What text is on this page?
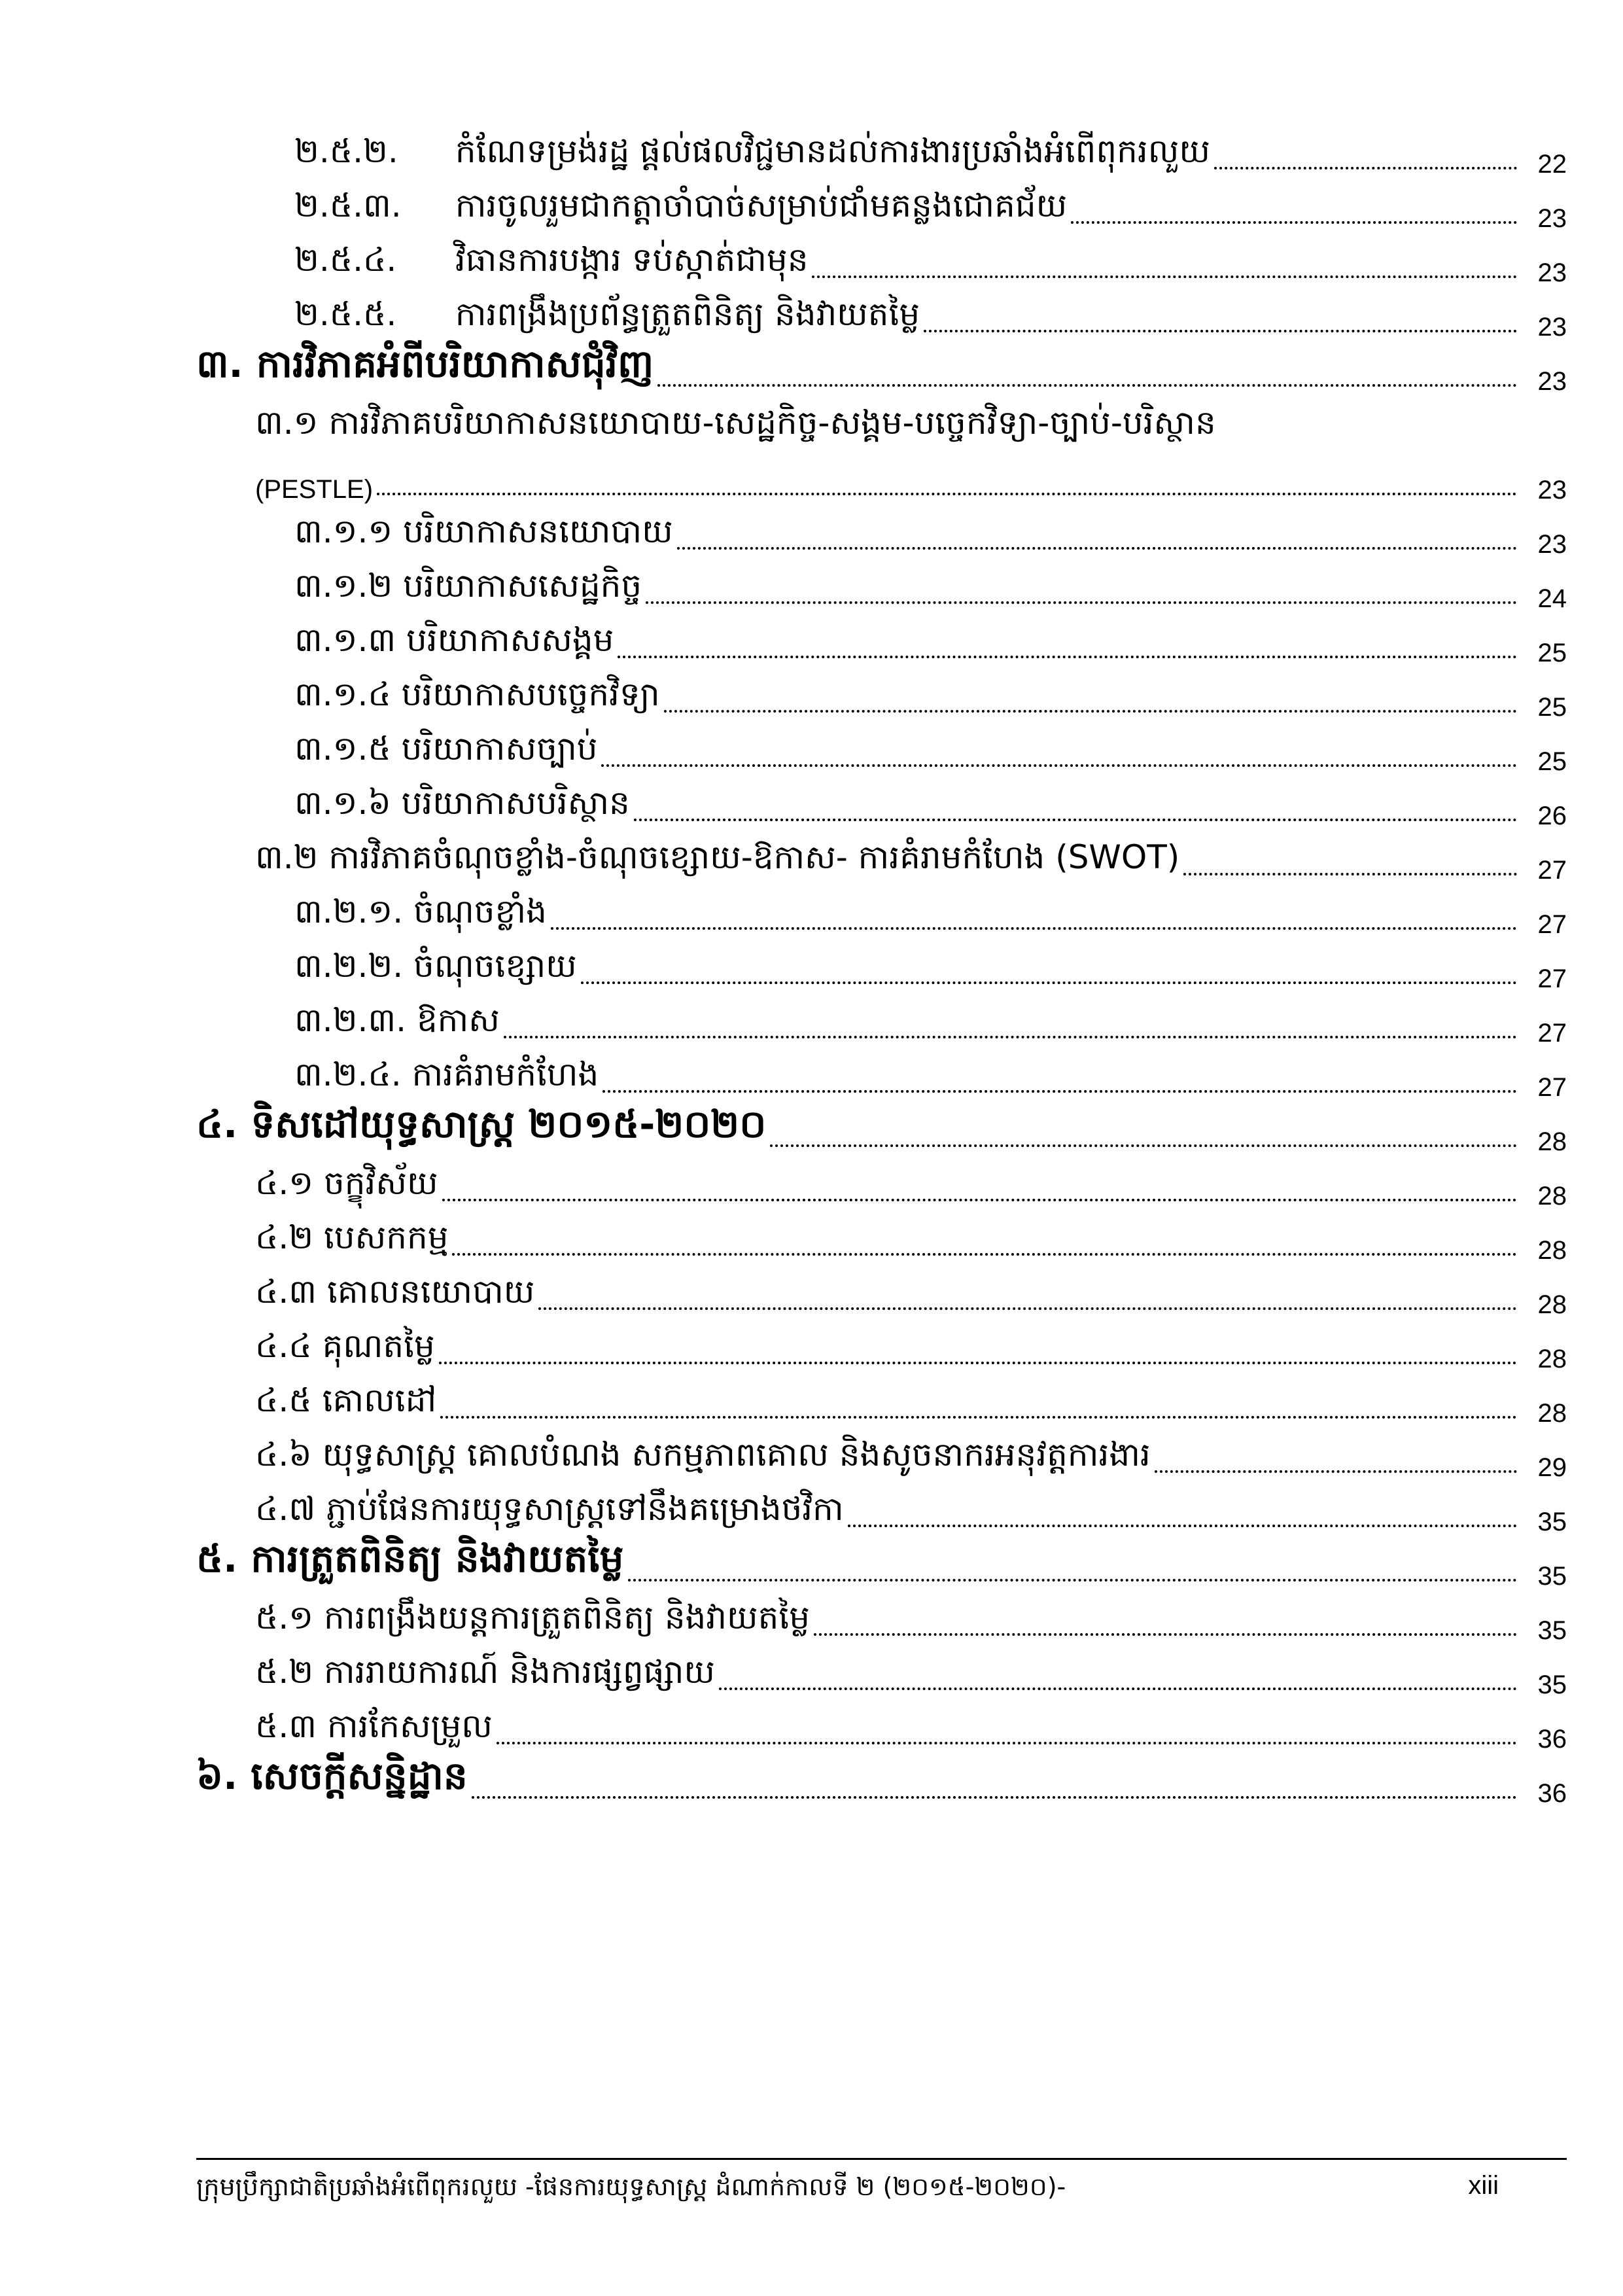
២.៥.២. កំណែទម្រង់រដ្ឋ ផ្តល់ផលវិជ្ជមានដល់ការងារប្រឆាំងអំពើពុករលួយ	22
២.៥.៣. ការចូលរួមជាកត្តាចាំបាច់សម្រាប់ជាំមគន្លងជោគជ័យ	23
២.៥.៤. វិធានការបង្ការ ទប់ស្កាត់ជាមុន	23
២.៥.៥. ការពង្រឹងប្រព័ន្ធត្រួតពិនិត្យ និងវាយតម្លៃ	23
៣. ការវិភាគអំពីបរិយាកាសជុំវិញ	23
៣.១ ការវិភាគបរិយាកាសនយោបាយ-សេដ្ឋកិច្ច-សង្គម-បច្ចេកវិទ្យា-ច្បាប់-បរិស្ថាន
(PESTLE)	23
៣.១.១ បរិយាកាសនយោបាយ	23
៣.១.២ បរិយាកាសសេដ្ឋកិច្ច	24
៣.១.៣ បរិយាកាសសង្គម	25
៣.១.៤ បរិយាកាសបច្ចេកវិទ្យា	25
៣.១.៥ បរិយាកាសច្បាប់	25
៣.១.៦ បរិយាកាសបរិស្ថាន	26
៣.២ ការវិភាគចំណុចខ្លាំង-ចំណុចខ្សោយ-ឱកាស- ការគំរាមកំហែង (SWOT)	27
៣.២.១. ចំណុចខ្លាំង	27
៣.២.២. ចំណុចខ្សោយ	27
៣.២.៣. ឱកាស	27
៣.២.៤. ការគំរាមកំហែង	27
៤. ទិសដៅយុទ្ធសាស្ត្រ ២០១៥-២០២០	28
៤.១ ចក្ខុវិស័យ	28
៤.២ បេសកកម្ម	28
៤.៣ គោលនយោបាយ	28
៤.៤ គុណតម្លៃ	28
៤.៥ គោលដៅ	28
៤.៦ យុទ្ធសាស្ត្រ គោលបំណង សកម្មភាពគោល និងសូចនាករអនុវត្តការងារ	29
៤.៧ ភ្ជាប់ផែនការយុទ្ធសាស្ត្រទៅនឹងគម្រោងថវិកា	35
៥. ការត្រួតពិនិត្យ និងវាយតម្លៃ	35
៥.១ ការពង្រឹងយន្តការត្រួតពិនិត្យ និងវាយតម្លៃ	35
៥.២ ការរាយការណ៍ និងការផ្សព្វផ្សាយ	35
៥.៣ ការកែសម្រួល	36
៦. សេចក្តីសន្និដ្ឋាន	36
ក្រុមប្រឹក្សាជាតិប្រឆាំងអំពើពុករលួយ -ផែនការយុទ្ធសាស្ត្រ ដំណាក់កាលទី ២ (២០១៥-២០២០)-	xiii
